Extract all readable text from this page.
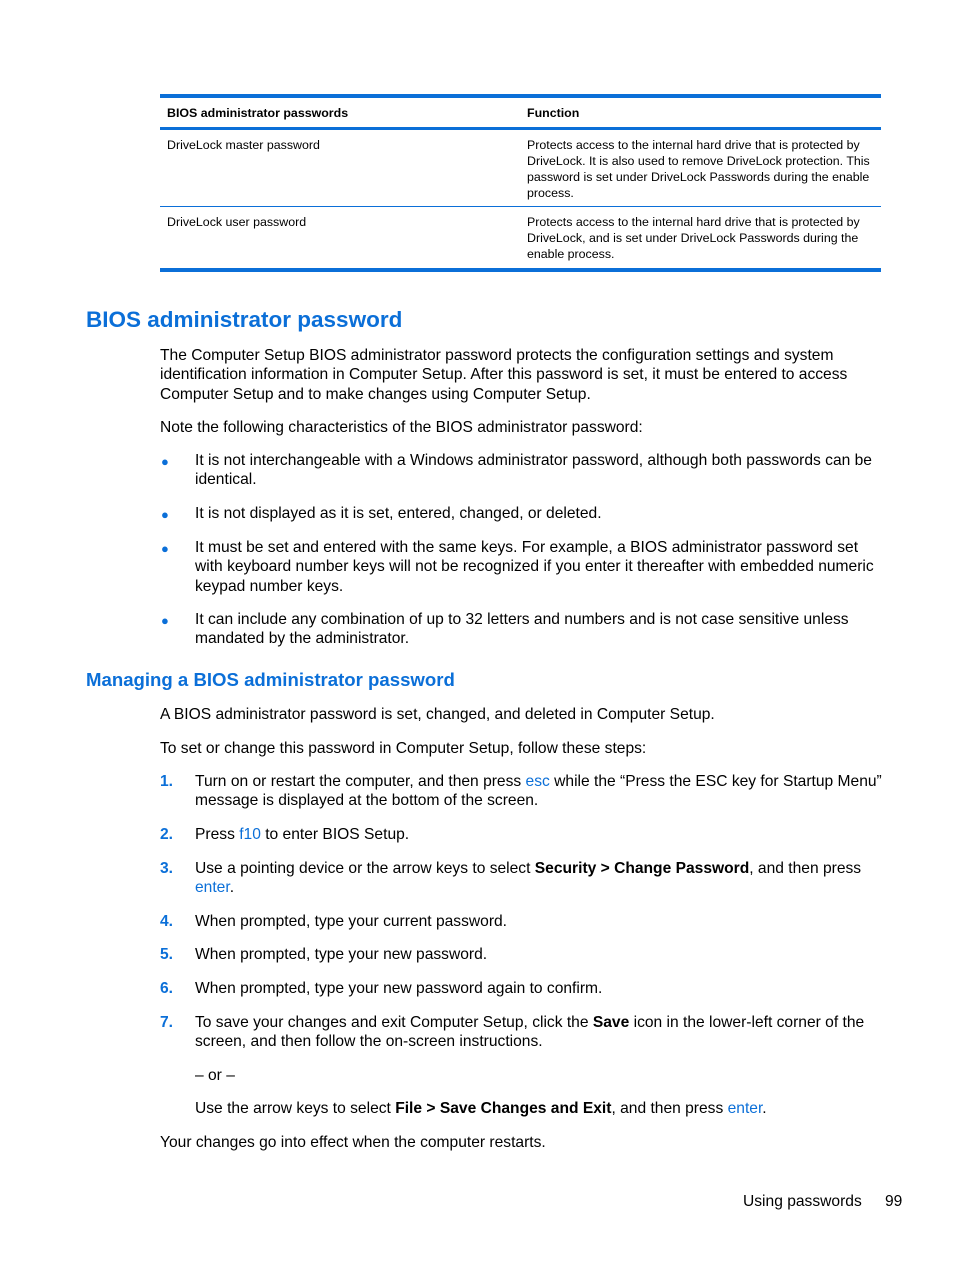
BIOS administrator passwords	Function
DriveLock master password	Protects access to the internal hard drive that is protected by
DriveLock. It is also used to remove DriveLock protection. This
password is set under DriveLock Passwords during the enable
process.
DriveLock user password	Protects access to the internal hard drive that is protected by
DriveLock, and is set under DriveLock Passwords during the
enable process.
BIOS administrator password
The Computer Setup BIOS administrator password protects the configuration settings and system
identification information in Computer Setup. After this password is set, it must be entered to access
Computer Setup and to make changes using Computer Setup.
Note the following characteristics of the BIOS administrator password:
● It is not interchangeable with a Windows administrator password, although both passwords can be
identical.
● It is not displayed as it is set, entered, changed, or deleted.
● It must be set and entered with the same keys. For example, a BIOS administrator password set
with keyboard number keys will not be recognized if you enter it thereafter with embedded numeric
keypad number keys.
● It can include any combination of up to 32 letters and numbers and is not case sensitive unless
mandated by the administrator.
Managing a BIOS administrator password
A BIOS administrator password is set, changed, and deleted in Computer Setup.
To set or change this password in Computer Setup, follow these steps:
1. Turn on or restart the computer, and then press esc while the “Press the ESC key for Startup Menu”
message is displayed at the bottom of the screen.
2. Press f10 to enter BIOS Setup.
3. Use a pointing device or the arrow keys to select Security > Change Password, and then press
enter.
4. When prompted, type your current password.
5. When prompted, type your new password.
6. When prompted, type your new password again to confirm.
7. To save your changes and exit Computer Setup, click the Save icon in the lower-left corner of the
screen, and then follow the on-screen instructions.
– or –
Use the arrow keys to select File > Save Changes and Exit, and then press enter.
Your changes go into effect when the computer restarts.
Using passwords 99
